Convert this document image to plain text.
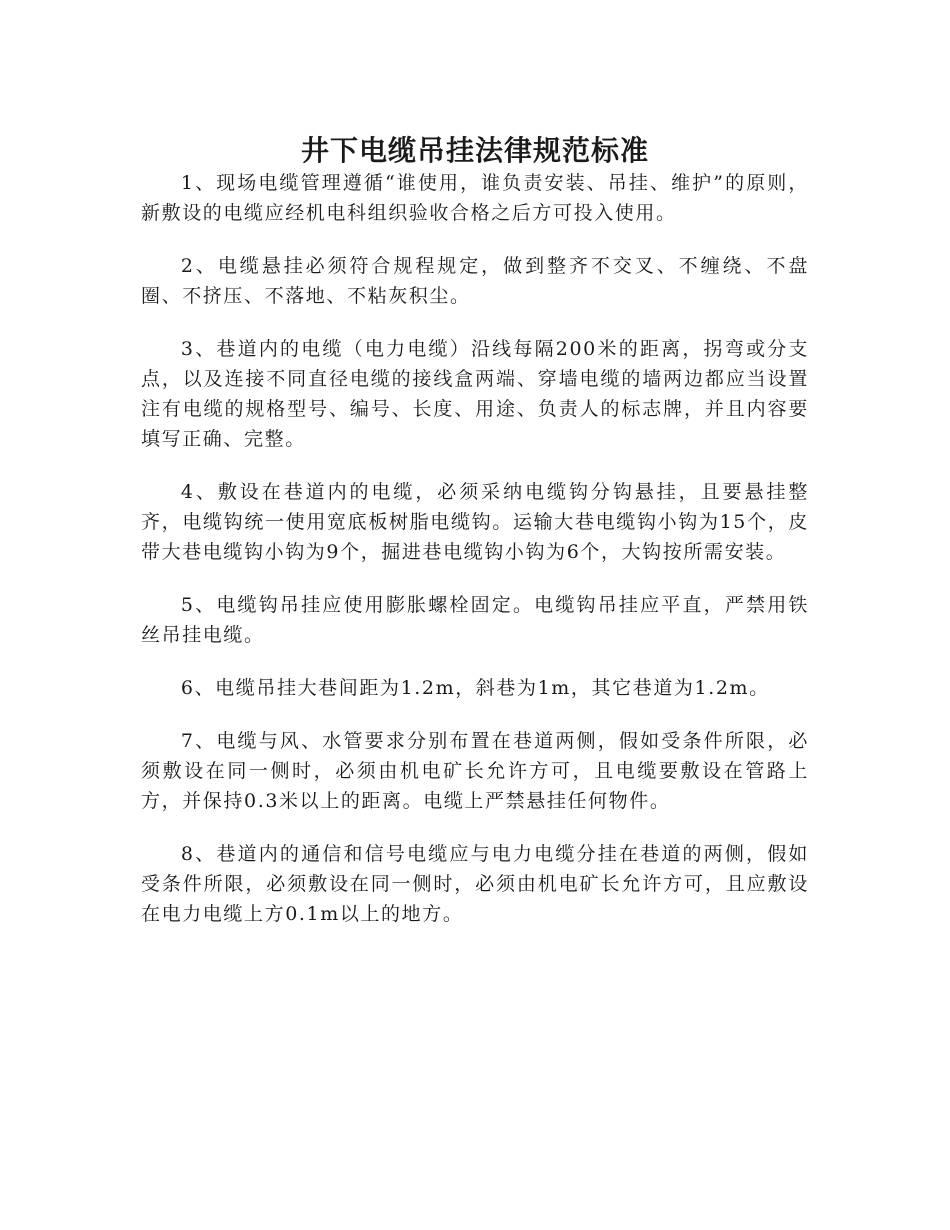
井下电缆吊挂法律规范标准

1、现场电缆管理遵循“谁使用，谁负责安装、吊挂、维护”的原则，新敷设的电缆应经机电科组织验收合格之后方可投入使用。

2、电缆悬挂必须符合规程规定，做到整齐不交叉、不缠绕、不盘圈、不挤压、不落地、不粘灰积尘。

3、巷道内的电缆（电力电缆）沿线每隔200米的距离，拐弯或分支点，以及连接不同直径电缆的接线盒两端、穿墙电缆的墙两边都应当设置注有电缆的规格型号、编号、长度、用途、负责人的标志牌，并且内容要填写正确、完整。

4、敷设在巷道内的电缆，必须采纳电缆钩分钩悬挂，且要悬挂整齐，电缆钩统一使用宽底板树脂电缆钩。运输大巷电缆钩小钩为15个，皮带大巷电缆钩小钩为9个，掘进巷电缆钩小钩为6个，大钩按所需安装。

5、电缆钩吊挂应使用膨胀螺栓固定。电缆钩吊挂应平直，严禁用铁丝吊挂电缆。

6、电缆吊挂大巷间距为1.2m，斜巷为1m，其它巷道为1.2m。

7、电缆与风、水管要求分别布置在巷道两侧，假如受条件所限，必须敷设在同一侧时，必须由机电矿长允许方可，且电缆要敷设在管路上方，并保持0.3米以上的距离。电缆上严禁悬挂任何物件。

8、巷道内的通信和信号电缆应与电力电缆分挂在巷道的两侧，假如受条件所限，必须敷设在同一侧时，必须由机电矿长允许方可，且应敷设在电力电缆上方0.1m以上的地方。
